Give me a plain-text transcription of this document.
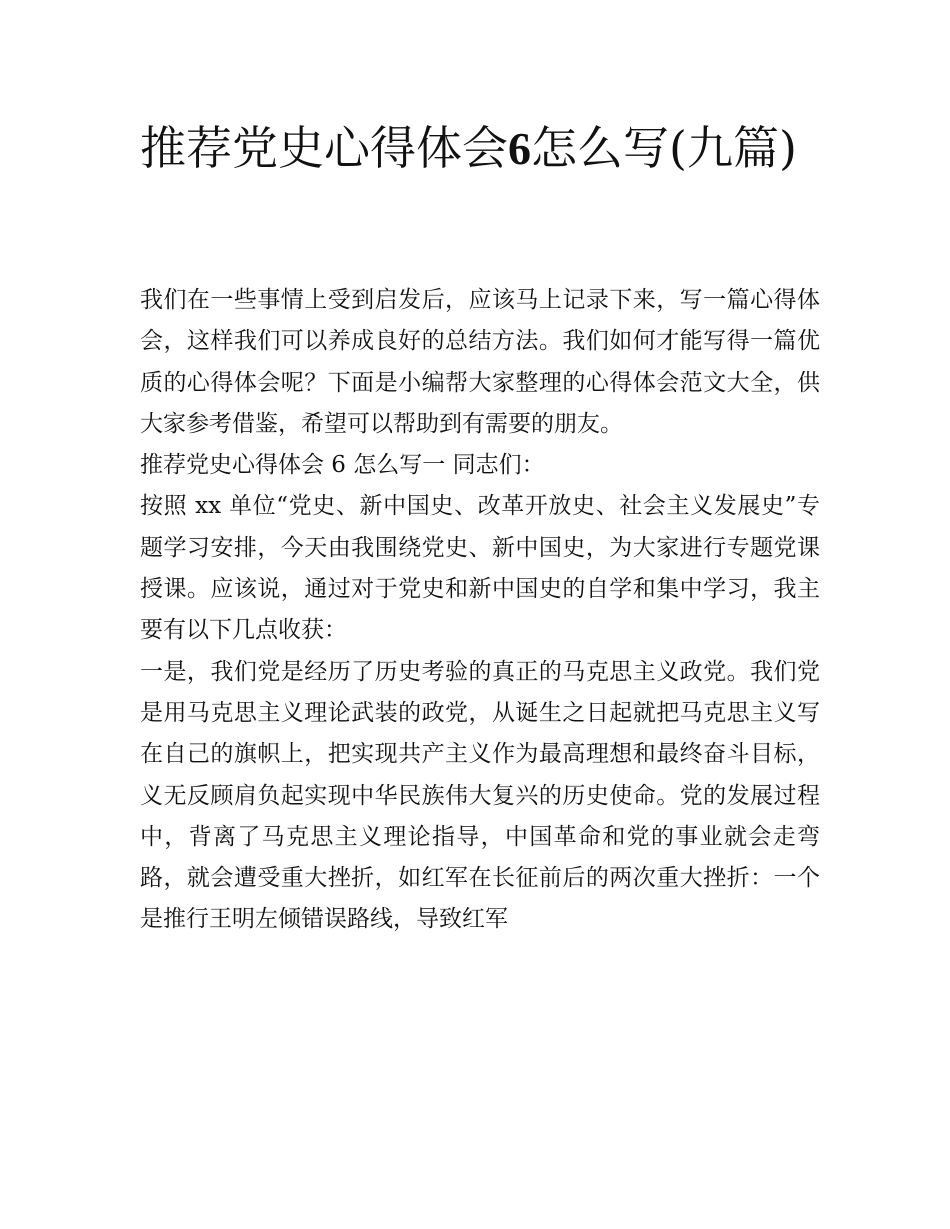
推荐党史心得体会6怎么写(九篇)

我们在一些事情上受到启发后，应该马上记录下来，写一篇心得体会，这样我们可以养成良好的总结方法。我们如何才能写得一篇优质的心得体会呢？下面是小编帮大家整理的心得体会范文大全，供大家参考借鉴，希望可以帮助到有需要的朋友。

推荐党史心得体会 6 怎么写一 同志们：

按照 xx 单位“党史、新中国史、改革开放史、社会主义发展史”专题学习安排，今天由我围绕党史、新中国史，为大家进行专题党课授课。应该说，通过对于党史和新中国史的自学和集中学习，我主要有以下几点收获：

一是，我们党是经历了历史考验的真正的马克思主义政党。我们党是用马克思主义理论武装的政党，从诞生之日起就把马克思主义写在自己的旗帜上，把实现共产主义作为最高理想和最终奋斗目标，义无反顾肩负起实现中华民族伟大复兴的历史使命。党的发展过程中，背离了马克思主义理论指导，中国革命和党的事业就会走弯路，就会遭受重大挫折，如红军在长征前后的两次重大挫折：一个是推行王明左倾错误路线，导致红军
